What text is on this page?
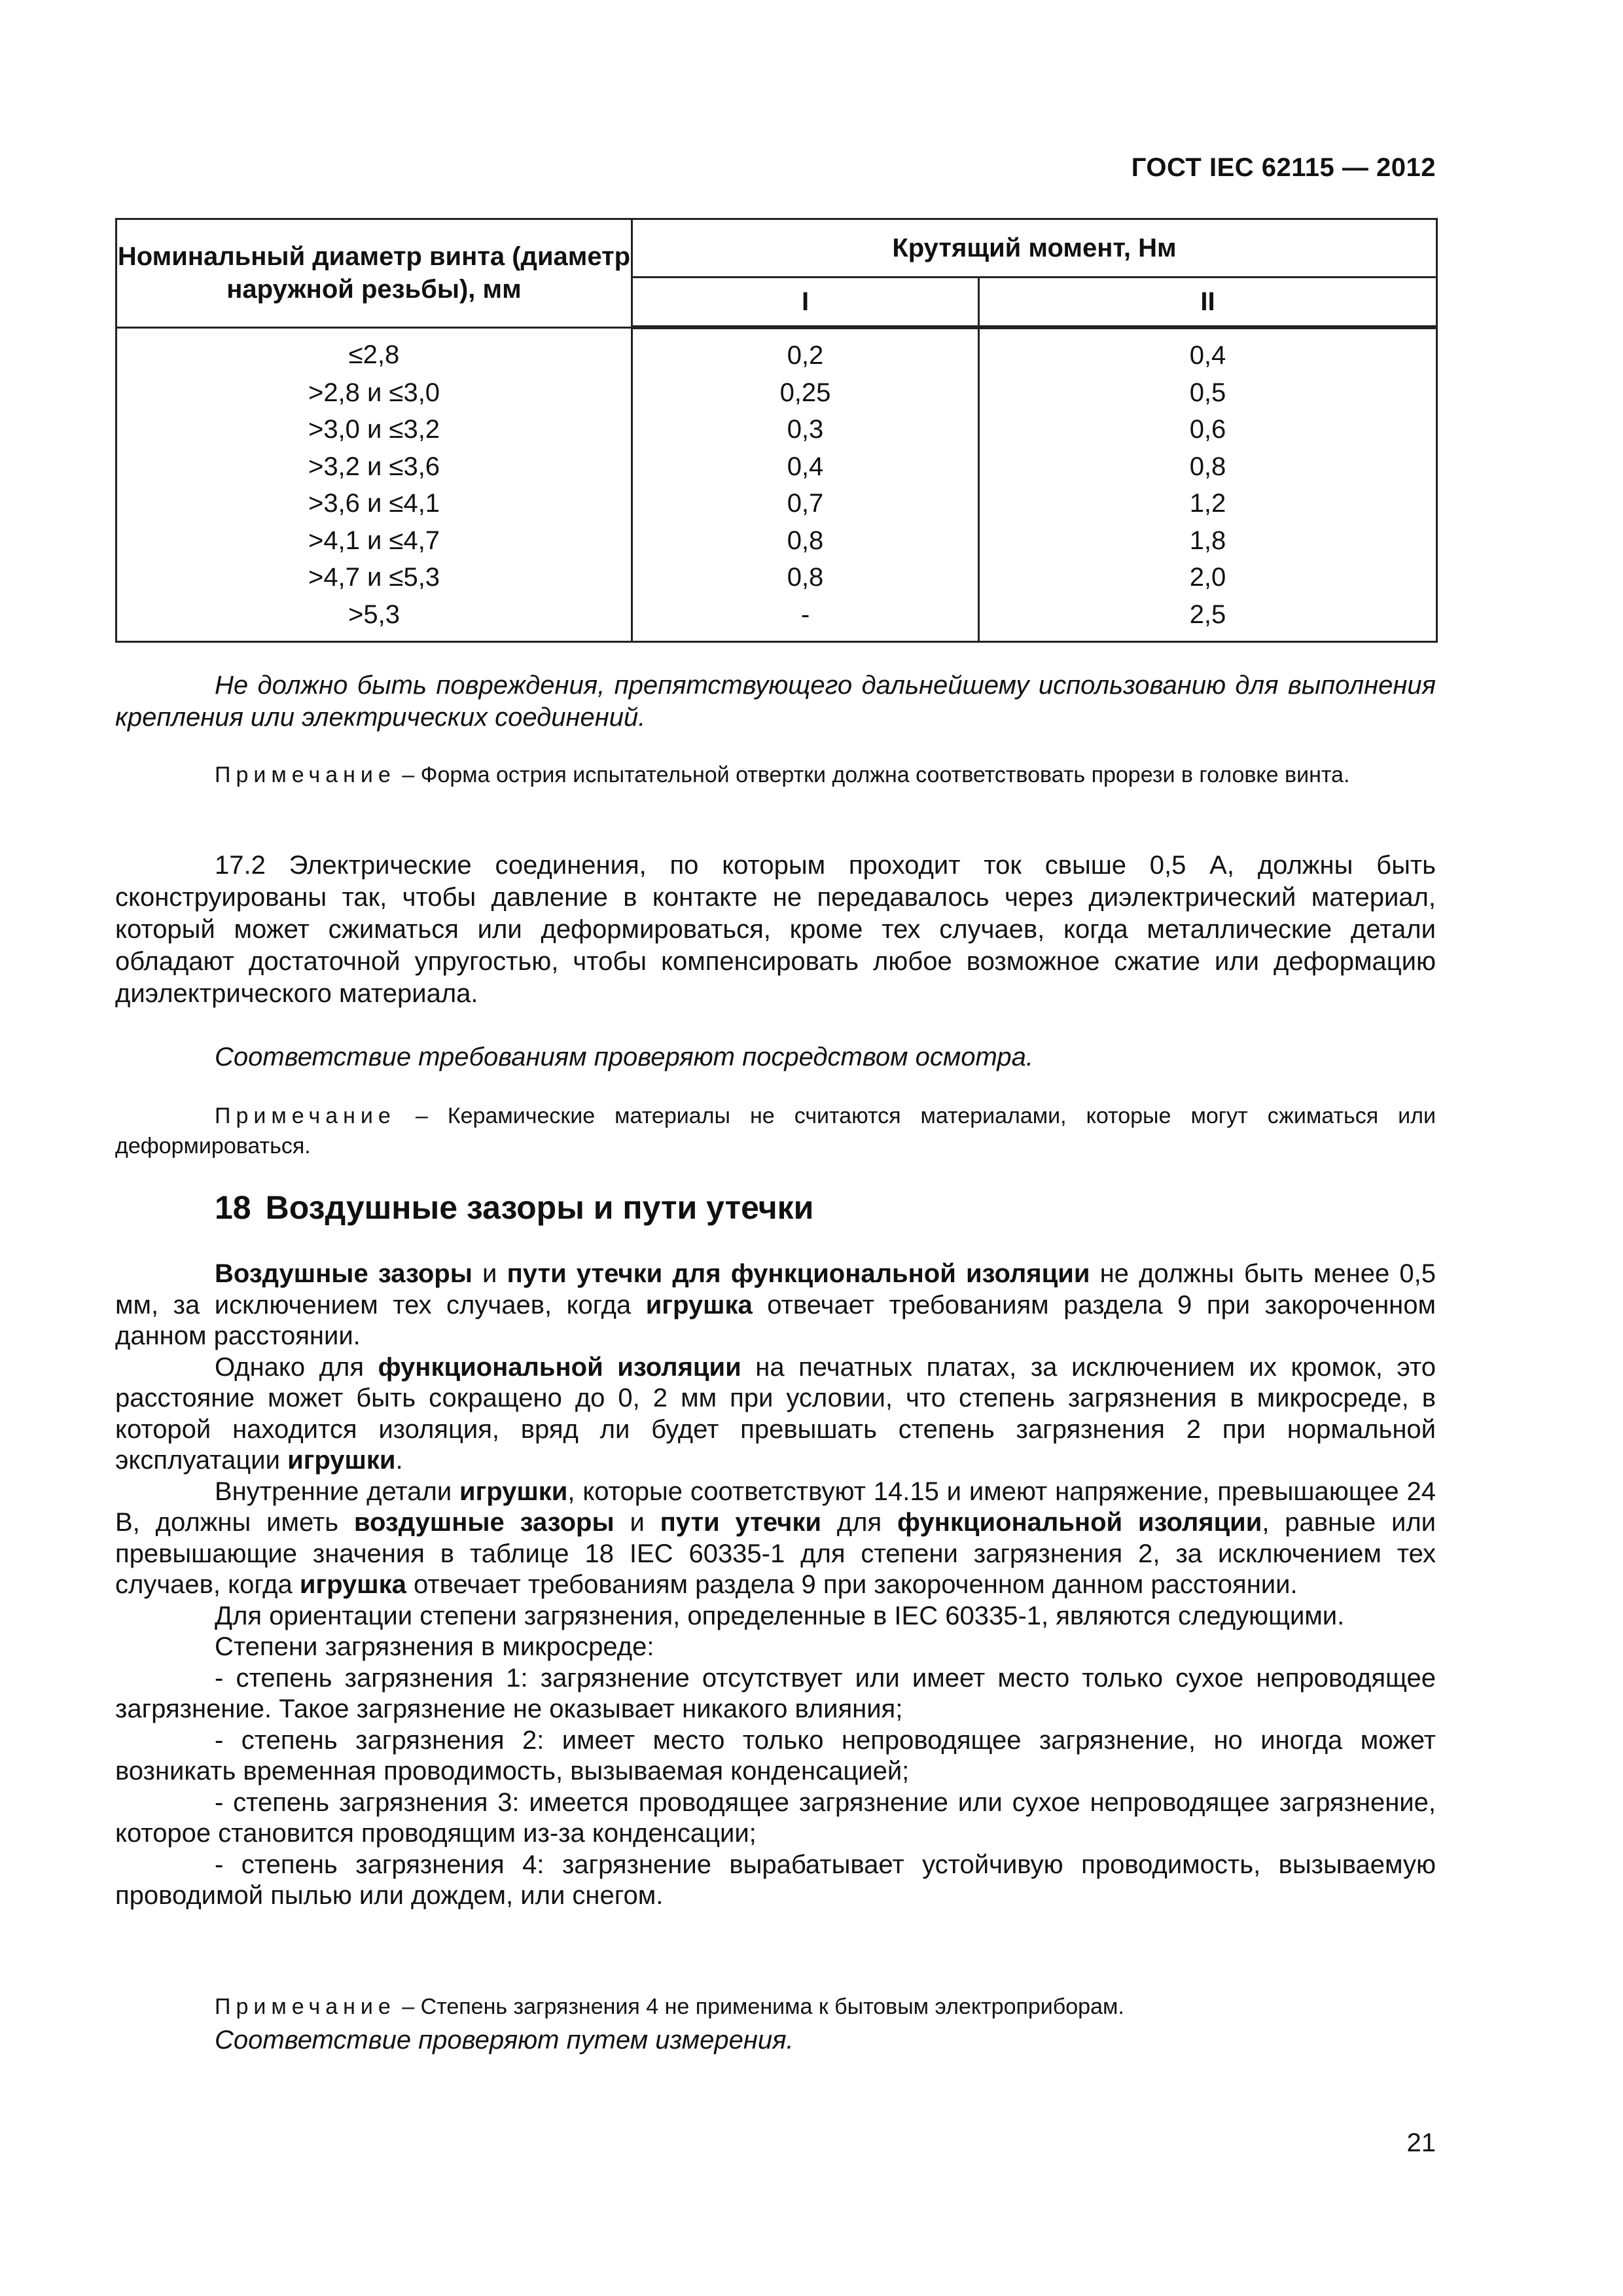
ГОСТ IEC 62115 — 2012
Номинальный диаметр винта (диаметр наружной резьбы), мм	Крутящий момент, Нм	
	I	II
≤2,8	0,2	0,4
>2,8 и ≤3,0	0,25	0,5
>3,0 и ≤3,2	0,3	0,6
>3,2 и ≤3,6	0,4	0,8
>3,6 и ≤4,1	0,7	1,2
>4,1 и ≤4,7	0,8	1,8
>4,7 и ≤5,3	0,8	2,0
>5,3	-	2,5
Не должно быть повреждения, препятствующего дальнейшему использованию для выполнения крепления или электрических соединений.
Примечание – Форма острия испытательной отвертки должна соответствовать прорези в головке винта.
17.2 Электрические соединения, по которым проходит ток свыше 0,5 А, должны быть сконструированы так, чтобы давление в контакте не передавалось через диэлектрический материал, который может сжиматься или деформироваться, кроме тех случаев, когда металлические детали обладают достаточной упругостью, чтобы компенсировать любое возможное сжатие или деформацию диэлектрического материала.
Соответствие требованиям проверяют посредством осмотра.
Примечание – Керамические материалы не считаются материалами, которые могут сжиматься или деформироваться.
18 Воздушные зазоры и пути утечки

Воздушные зазоры и пути утечки для функциональной изоляции не должны быть менее 0,5 мм, за исключением тех случаев, когда игрушка отвечает требованиям раздела 9 при закороченном данном расстоянии.

Однако для функциональной изоляции на печатных платах, за исключением их кромок, это расстояние может быть сокращено до 0, 2 мм при условии, что степень загрязнения в микросреде, в которой находится изоляция, вряд ли будет превышать степень загрязнения 2 при нормальной эксплуатации игрушки.

Внутренние детали игрушки, которые соответствуют 14.15 и имеют напряжение, превышающее 24 В, должны иметь воздушные зазоры и пути утечки для функциональной изоляции, равные или превышающие значения в таблице 18 IEC 60335-1 для степени загрязнения 2, за исключением тех случаев, когда игрушка отвечает требованиям раздела 9 при закороченном данном расстоянии.

Для ориентации степени загрязнения, определенные в IEC 60335-1, являются следующими.

Степени загрязнения в микросреде:

- степень загрязнения 1: загрязнение отсутствует или имеет место только сухое непроводящее загрязнение. Такое загрязнение не оказывает никакого влияния;

- степень загрязнения 2: имеет место только непроводящее загрязнение, но иногда может возникать временная проводимость, вызываемая конденсацией;

- степень загрязнения 3: имеется проводящее загрязнение или сухое непроводящее загрязнение, которое становится проводящим из-за конденсации;

- степень загрязнения 4: загрязнение вырабатывает устойчивую проводимость, вызываемую проводимой пылью или дождем, или снегом.

Примечание – Степень загрязнения 4 не применима к бытовым электроприборам.
Соответствие проверяют путем измерения.
21
